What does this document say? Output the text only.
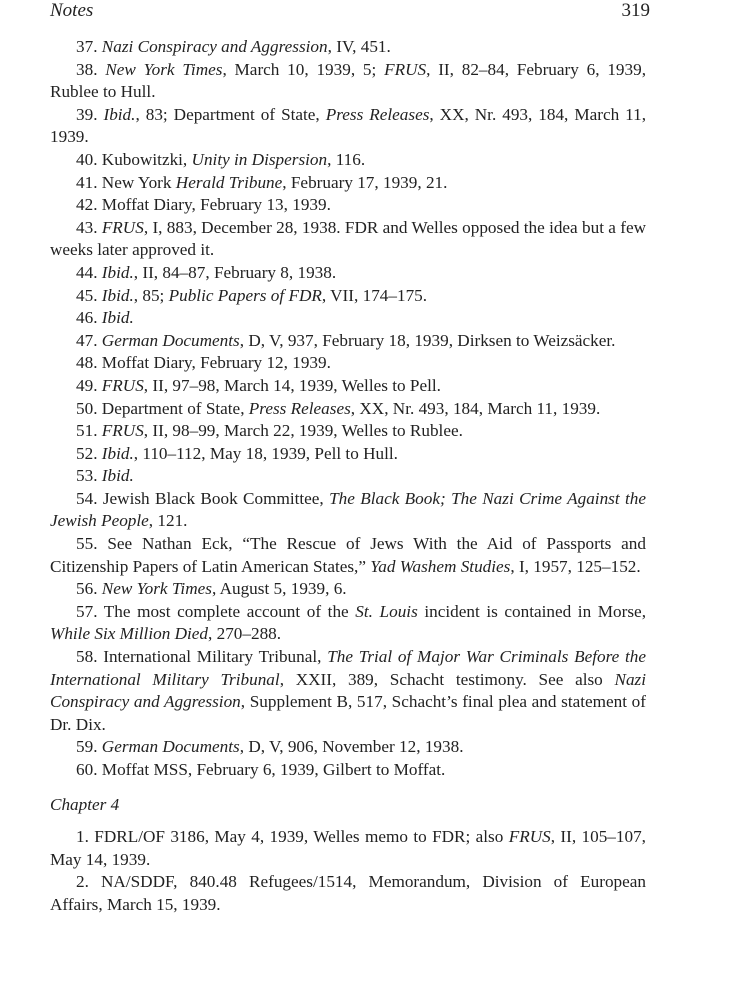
Notes	319

37. Nazi Conspiracy and Aggression, IV, 451.

38. New York Times, March 10, 1939, 5; FRUS, II, 82–84, February 6, 1939, Rublee to Hull.

39. Ibid., 83; Department of State, Press Releases, XX, Nr. 493, 184, March 11, 1939.

40. Kubowitzki, Unity in Dispersion, 116.

41. New York Herald Tribune, February 17, 1939, 21.

42. Moffat Diary, February 13, 1939.

43. FRUS, I, 883, December 28, 1938. FDR and Welles opposed the idea but a few weeks later approved it.

44. Ibid., II, 84–87, February 8, 1938.

45. Ibid., 85; Public Papers of FDR, VII, 174–175.

46. Ibid.

47. German Documents, D, V, 937, February 18, 1939, Dirksen to Weizsäcker.

48. Moffat Diary, February 12, 1939.

49. FRUS, II, 97–98, March 14, 1939, Welles to Pell.

50. Department of State, Press Releases, XX, Nr. 493, 184, March 11, 1939.

51. FRUS, II, 98–99, March 22, 1939, Welles to Rublee.

52. Ibid., 110–112, May 18, 1939, Pell to Hull.

53. Ibid.

54. Jewish Black Book Committee, The Black Book; The Nazi Crime Against the Jewish People, 121.

55. See Nathan Eck, “The Rescue of Jews With the Aid of Passports and Citizenship Papers of Latin American States,” Yad Washem Studies, I, 1957, 125–152.

56. New York Times, August 5, 1939, 6.

57. The most complete account of the St. Louis incident is contained in Morse, While Six Million Died, 270–288.

58. International Military Tribunal, The Trial of Major War Criminals Before the International Military Tribunal, XXII, 389, Schacht testimony. See also Nazi Conspiracy and Aggression, Supplement B, 517, Schacht’s final plea and statement of Dr. Dix.

59. German Documents, D, V, 906, November 12, 1938.

60. Moffat MSS, February 6, 1939, Gilbert to Moffat.

Chapter 4

1. FDRL/OF 3186, May 4, 1939, Welles memo to FDR; also FRUS, II, 105–107, May 14, 1939.

2. NA/SDDF, 840.48 Refugees/1514, Memorandum, Division of European Affairs, March 15, 1939.
